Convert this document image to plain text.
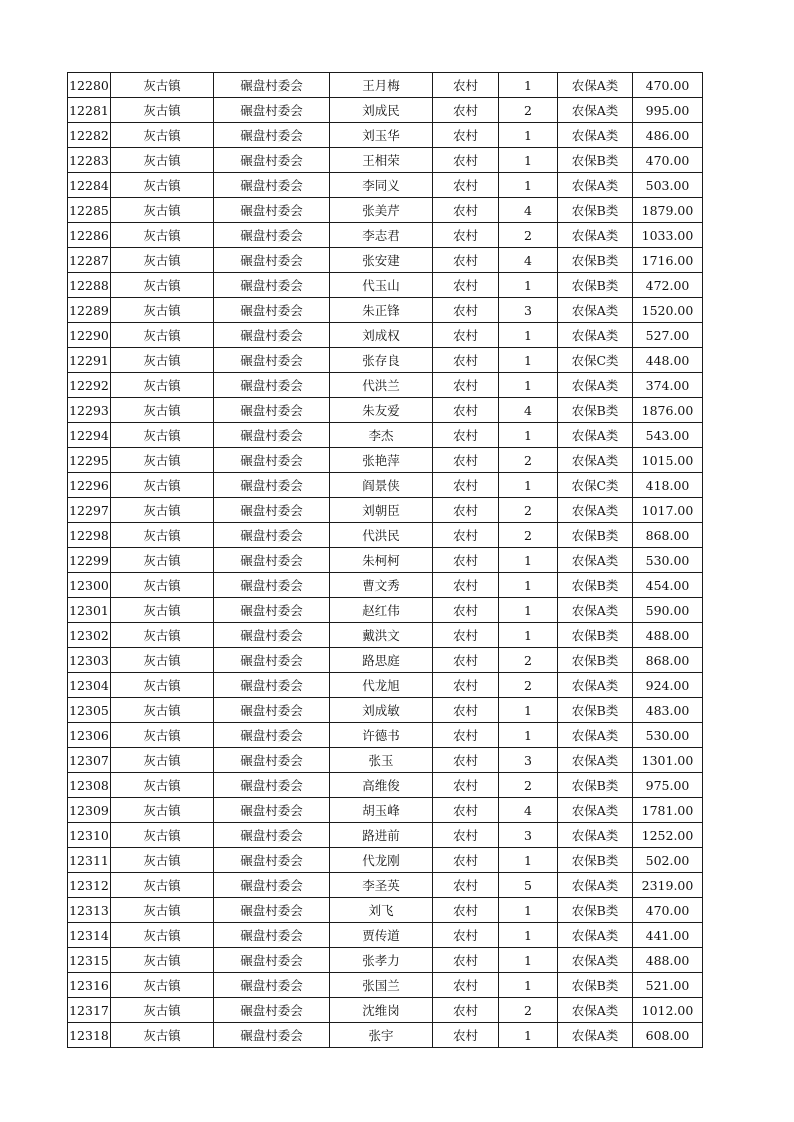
12280	灰古镇	碾盘村委会	王月梅	农村	1	农保A类	470.00
12281	灰古镇	碾盘村委会	刘成民	农村	2	农保A类	995.00
12282	灰古镇	碾盘村委会	刘玉华	农村	1	农保A类	486.00
12283	灰古镇	碾盘村委会	王相荣	农村	1	农保B类	470.00
12284	灰古镇	碾盘村委会	李同义	农村	1	农保A类	503.00
12285	灰古镇	碾盘村委会	张美芹	农村	4	农保B类	1879.00
12286	灰古镇	碾盘村委会	李志君	农村	2	农保A类	1033.00
12287	灰古镇	碾盘村委会	张安建	农村	4	农保B类	1716.00
12288	灰古镇	碾盘村委会	代玉山	农村	1	农保B类	472.00
12289	灰古镇	碾盘村委会	朱正锋	农村	3	农保A类	1520.00
12290	灰古镇	碾盘村委会	刘成权	农村	1	农保A类	527.00
12291	灰古镇	碾盘村委会	张存良	农村	1	农保C类	448.00
12292	灰古镇	碾盘村委会	代洪兰	农村	1	农保A类	374.00
12293	灰古镇	碾盘村委会	朱友爱	农村	4	农保B类	1876.00
12294	灰古镇	碾盘村委会	李杰	农村	1	农保A类	543.00
12295	灰古镇	碾盘村委会	张艳萍	农村	2	农保A类	1015.00
12296	灰古镇	碾盘村委会	阎景侠	农村	1	农保C类	418.00
12297	灰古镇	碾盘村委会	刘朝臣	农村	2	农保A类	1017.00
12298	灰古镇	碾盘村委会	代洪民	农村	2	农保B类	868.00
12299	灰古镇	碾盘村委会	朱柯柯	农村	1	农保A类	530.00
12300	灰古镇	碾盘村委会	曹文秀	农村	1	农保B类	454.00
12301	灰古镇	碾盘村委会	赵红伟	农村	1	农保A类	590.00
12302	灰古镇	碾盘村委会	戴洪文	农村	1	农保B类	488.00
12303	灰古镇	碾盘村委会	路思庭	农村	2	农保B类	868.00
12304	灰古镇	碾盘村委会	代龙旭	农村	2	农保A类	924.00
12305	灰古镇	碾盘村委会	刘成敏	农村	1	农保B类	483.00
12306	灰古镇	碾盘村委会	许德书	农村	1	农保A类	530.00
12307	灰古镇	碾盘村委会	张玉	农村	3	农保A类	1301.00
12308	灰古镇	碾盘村委会	高维俊	农村	2	农保B类	975.00
12309	灰古镇	碾盘村委会	胡玉峰	农村	4	农保A类	1781.00
12310	灰古镇	碾盘村委会	路进前	农村	3	农保A类	1252.00
12311	灰古镇	碾盘村委会	代龙刚	农村	1	农保B类	502.00
12312	灰古镇	碾盘村委会	李圣英	农村	5	农保A类	2319.00
12313	灰古镇	碾盘村委会	刘飞	农村	1	农保B类	470.00
12314	灰古镇	碾盘村委会	贾传道	农村	1	农保A类	441.00
12315	灰古镇	碾盘村委会	张孝力	农村	1	农保A类	488.00
12316	灰古镇	碾盘村委会	张国兰	农村	1	农保B类	521.00
12317	灰古镇	碾盘村委会	沈维岗	农村	2	农保A类	1012.00
12318	灰古镇	碾盘村委会	张宇	农村	1	农保A类	608.00
